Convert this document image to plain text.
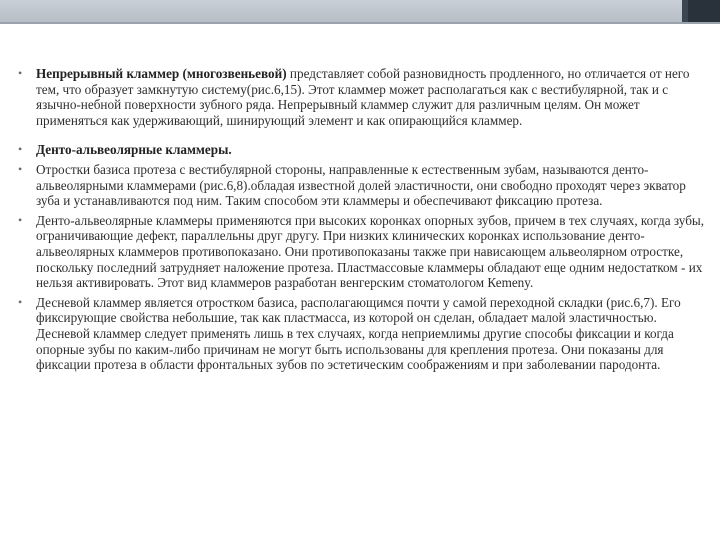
• Непрерывный кламмер (многозвеньевой) представляет собой разновидность продленного, но отличается от него тем, что образует замкнутую систему(рис.6,15). Этот кламмер может располагаться как с вестибулярной, так и с язычно-небной поверхности зубного ряда. Непрерывный кламмер служит для различным целям. Он может применяться как удерживающий, шинирующий элемент и как опирающийся кламмер.
• Денто-альвеолярные кламмеры.
• Отростки базиса протеза с вестибулярной стороны, направленные к естественным зубам, называются денто-альвеолярными кламмерами (рис.6,8).обладая известной долей эластичности, они свободно проходят через экватор зуба и устанавливаются под ним. Таким способом эти кламмеры и обеспечивают фиксацию протеза.
• Денто-альвеолярные кламмеры применяются при высоких коронках опорных зубов, причем в тех случаях, когда зубы, ограничивающие дефект, параллельны друг другу. При низких клинических коронках использование денто-альвеолярных кламмеров противопоказано. Они противопоказаны также при нависающем альвеолярном отростке, поскольку последний затрудняет наложение протеза. Пластмассовые кламмеры обладают еще одним недостатком - их нельзя активировать. Этот вид кламмеров разработан венгерским стоматологом Кеmeny.
• Десневой кламмер является отростком базиса, располагающимся почти у самой переходной складки (рис.6,7). Его фиксирующие свойства небольшие, так как пластмасса, из которой он сделан, обладает малой эластичностью. Десневой кламмер следует применять лишь в тех случаях, когда неприемлимы другие способы фиксации и когда опорные зубы по каким-либо причинам не могут быть использованы для крепления протеза. Они показаны для фиксации протеза в области фронтальных зубов по эстетическим соображениям и при заболевании пародонта.
